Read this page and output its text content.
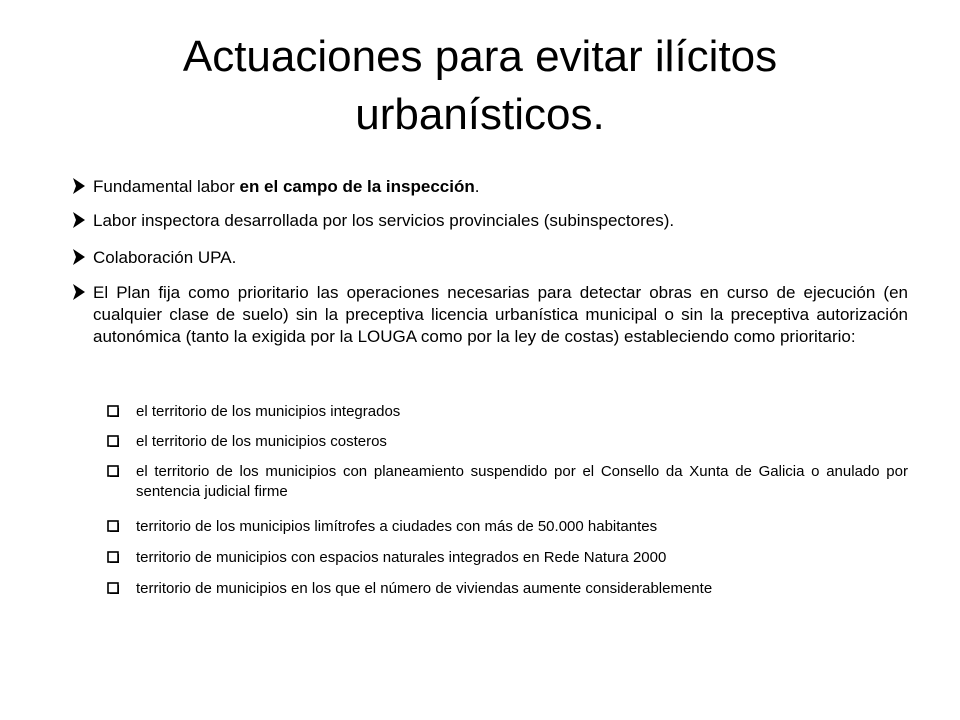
Actuaciones para evitar ilícitos
urbanísticos.
Fundamental labor en el campo de la inspección.
Labor inspectora desarrollada por los servicios provinciales (subinspectores).
Colaboración UPA.
El Plan fija como prioritario las operaciones necesarias para detectar obras en curso de ejecución (en cualquier clase de suelo) sin la preceptiva licencia urbanística municipal o sin la preceptiva autorización autonómica (tanto la exigida por la LOUGA como por la ley de costas) estableciendo como prioritario:
el territorio de los municipios integrados
el territorio de los municipios costeros
el territorio de los municipios con planeamiento suspendido por el Consello da Xunta de Galicia o anulado por sentencia judicial firme
territorio de los municipios limítrofes a ciudades con más de 50.000 habitantes
territorio de municipios con espacios naturales integrados en Rede Natura 2000
territorio de municipios en los que el número de viviendas aumente considerablemente
